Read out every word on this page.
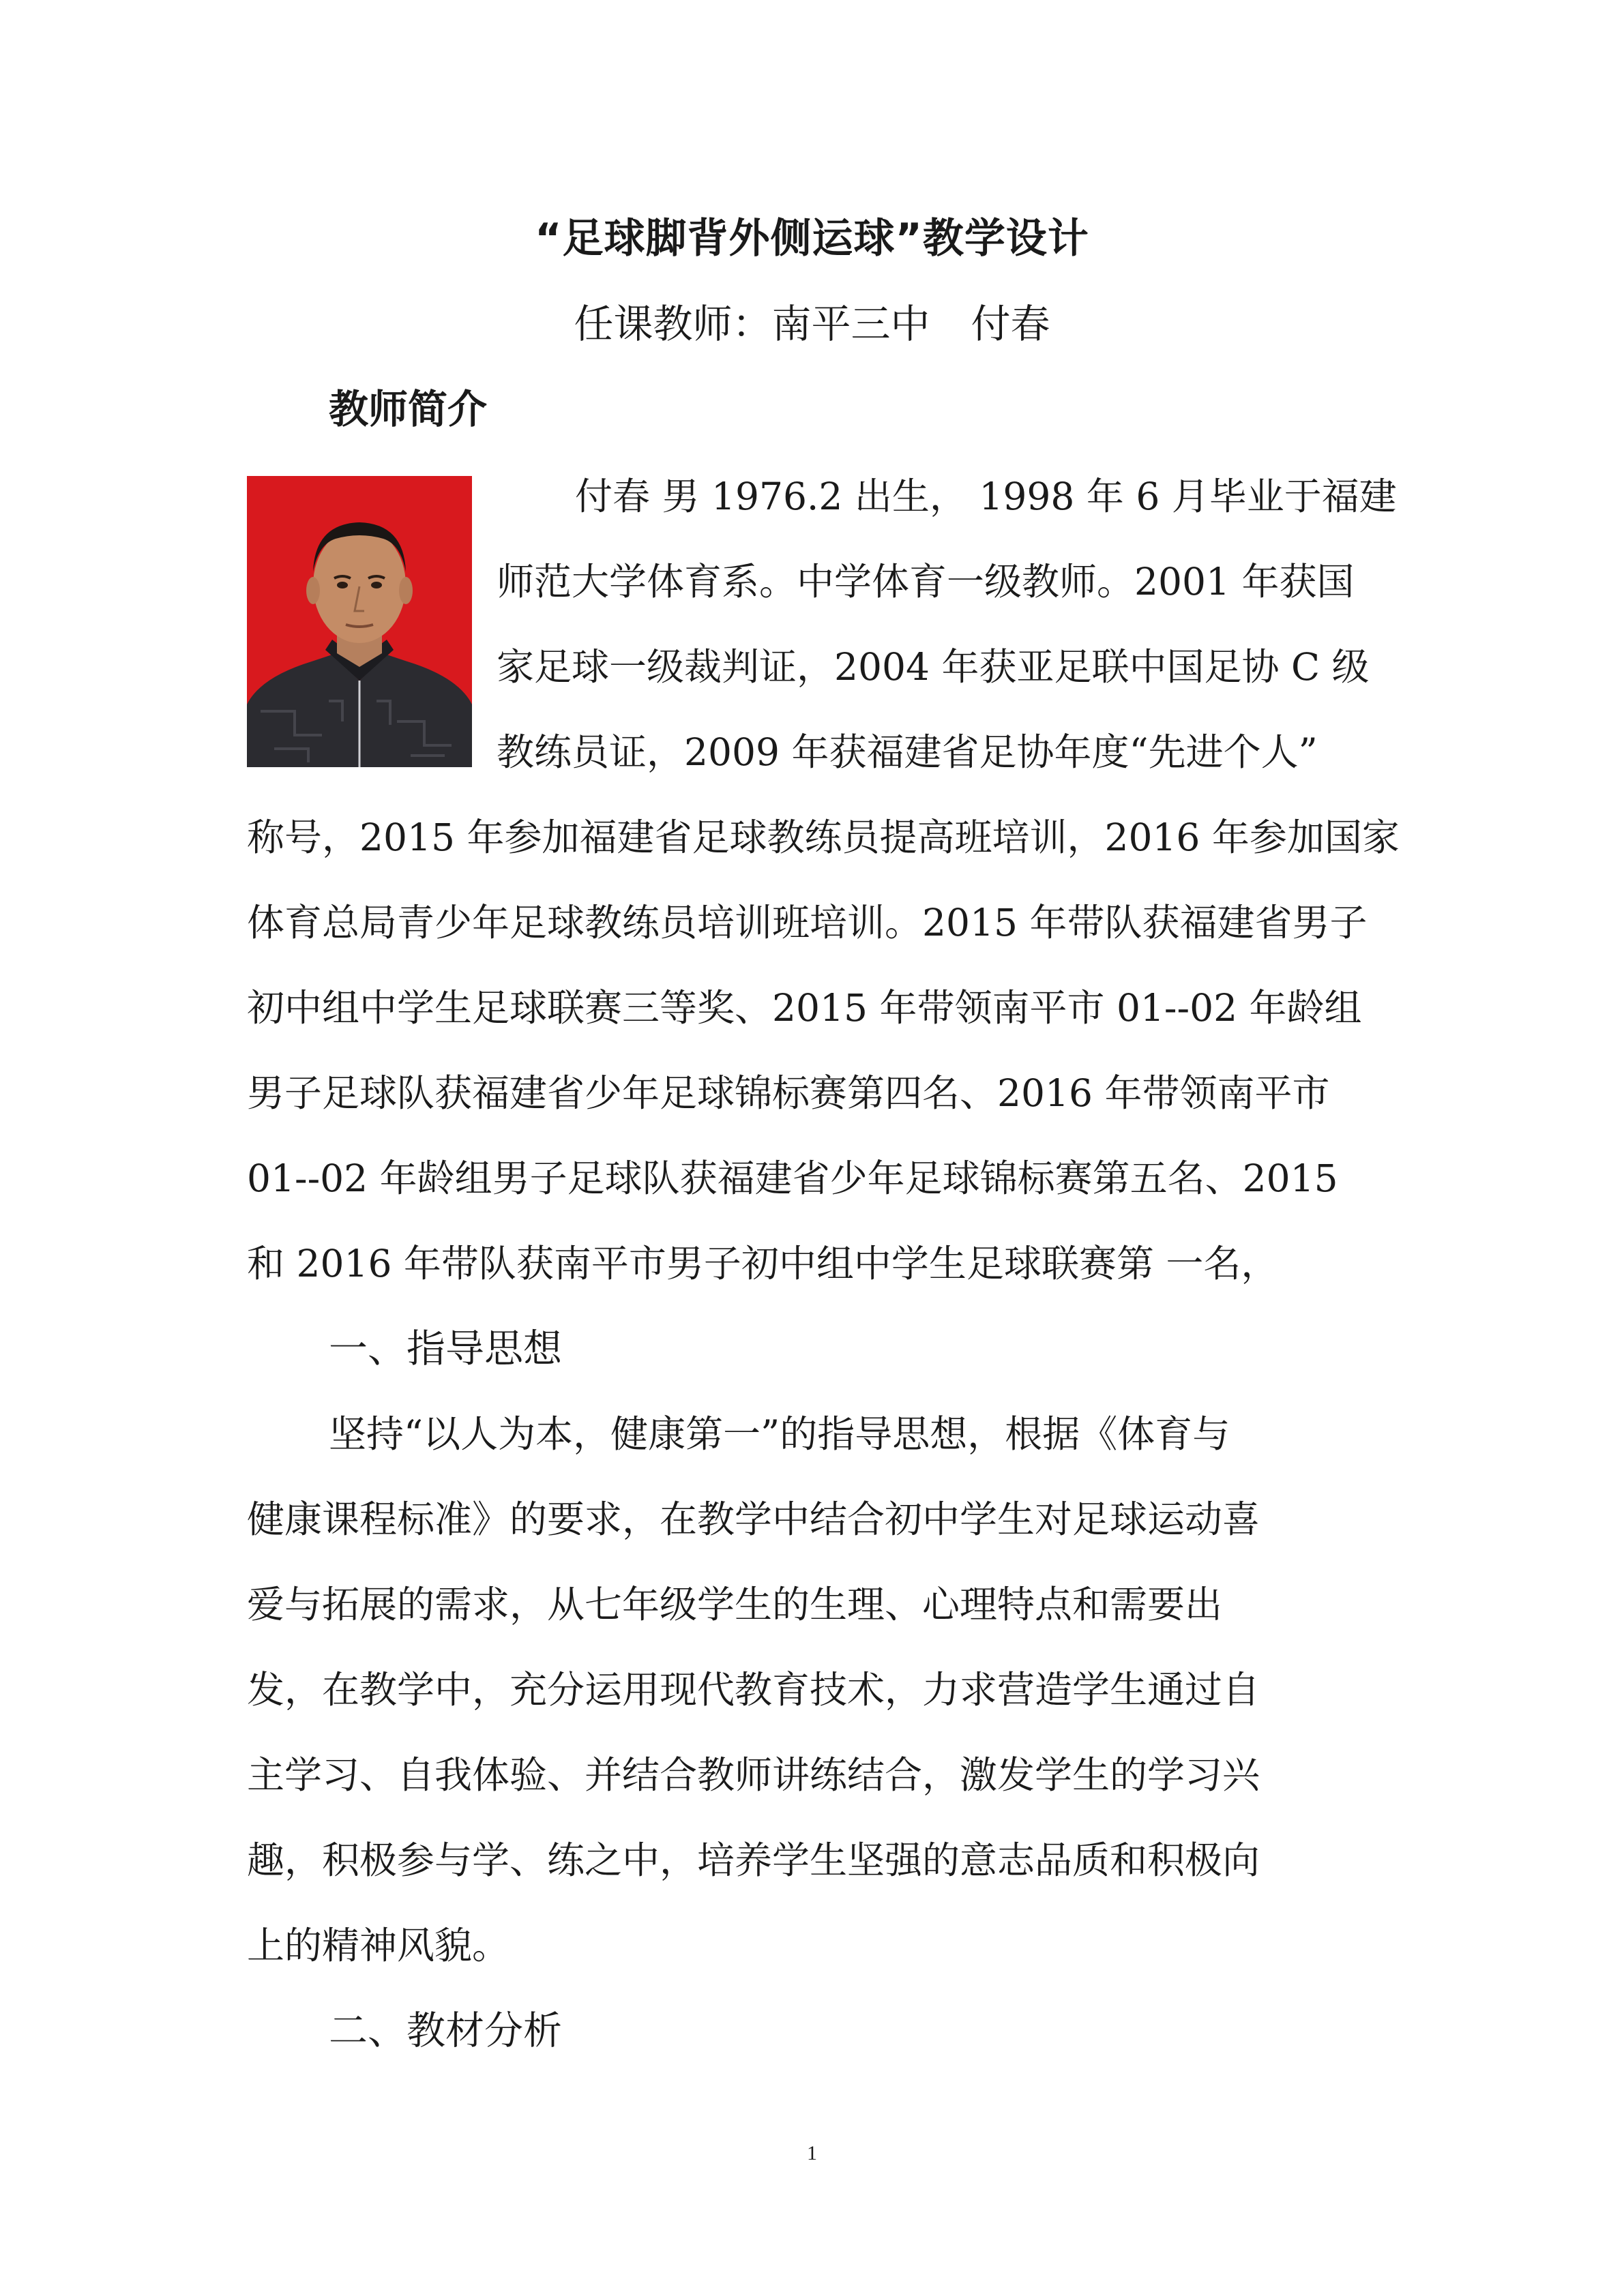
“足球脚背外侧运球”教学设计
任课教师：南平三中 付春
教师简介
付春 男 1976.2 出生， 1998 年 6 月毕业于福建
师范大学体育系。中学体育一级教师。2001 年获国
家足球一级裁判证，2004 年获亚足联中国足协 C 级
教练员证，2009 年获福建省足协年度“先进个人”
称号，2015 年参加福建省足球教练员提高班培训，2016 年参加国家
体育总局青少年足球教练员培训班培训。2015 年带队获福建省男子
初中组中学生足球联赛三等奖、2015 年带领南平市 01--02 年龄组
男子足球队获福建省少年足球锦标赛第四名、2016 年带领南平市
01--02 年龄组男子足球队获福建省少年足球锦标赛第五名、2015
和 2016 年带队获南平市男子初中组中学生足球联赛第 一名，
一、指导思想
坚持“以人为本，健康第一”的指导思想，根据《体育与
健康课程标准》的要求，在教学中结合初中学生对足球运动喜
爱与拓展的需求，从七年级学生的生理、心理特点和需要出
发，在教学中，充分运用现代教育技术，力求营造学生通过自
主学习、自我体验、并结合教师讲练结合，激发学生的学习兴
趣，积极参与学、练之中，培养学生坚强的意志品质和积极向
上的精神风貌。
二、教材分析
1
